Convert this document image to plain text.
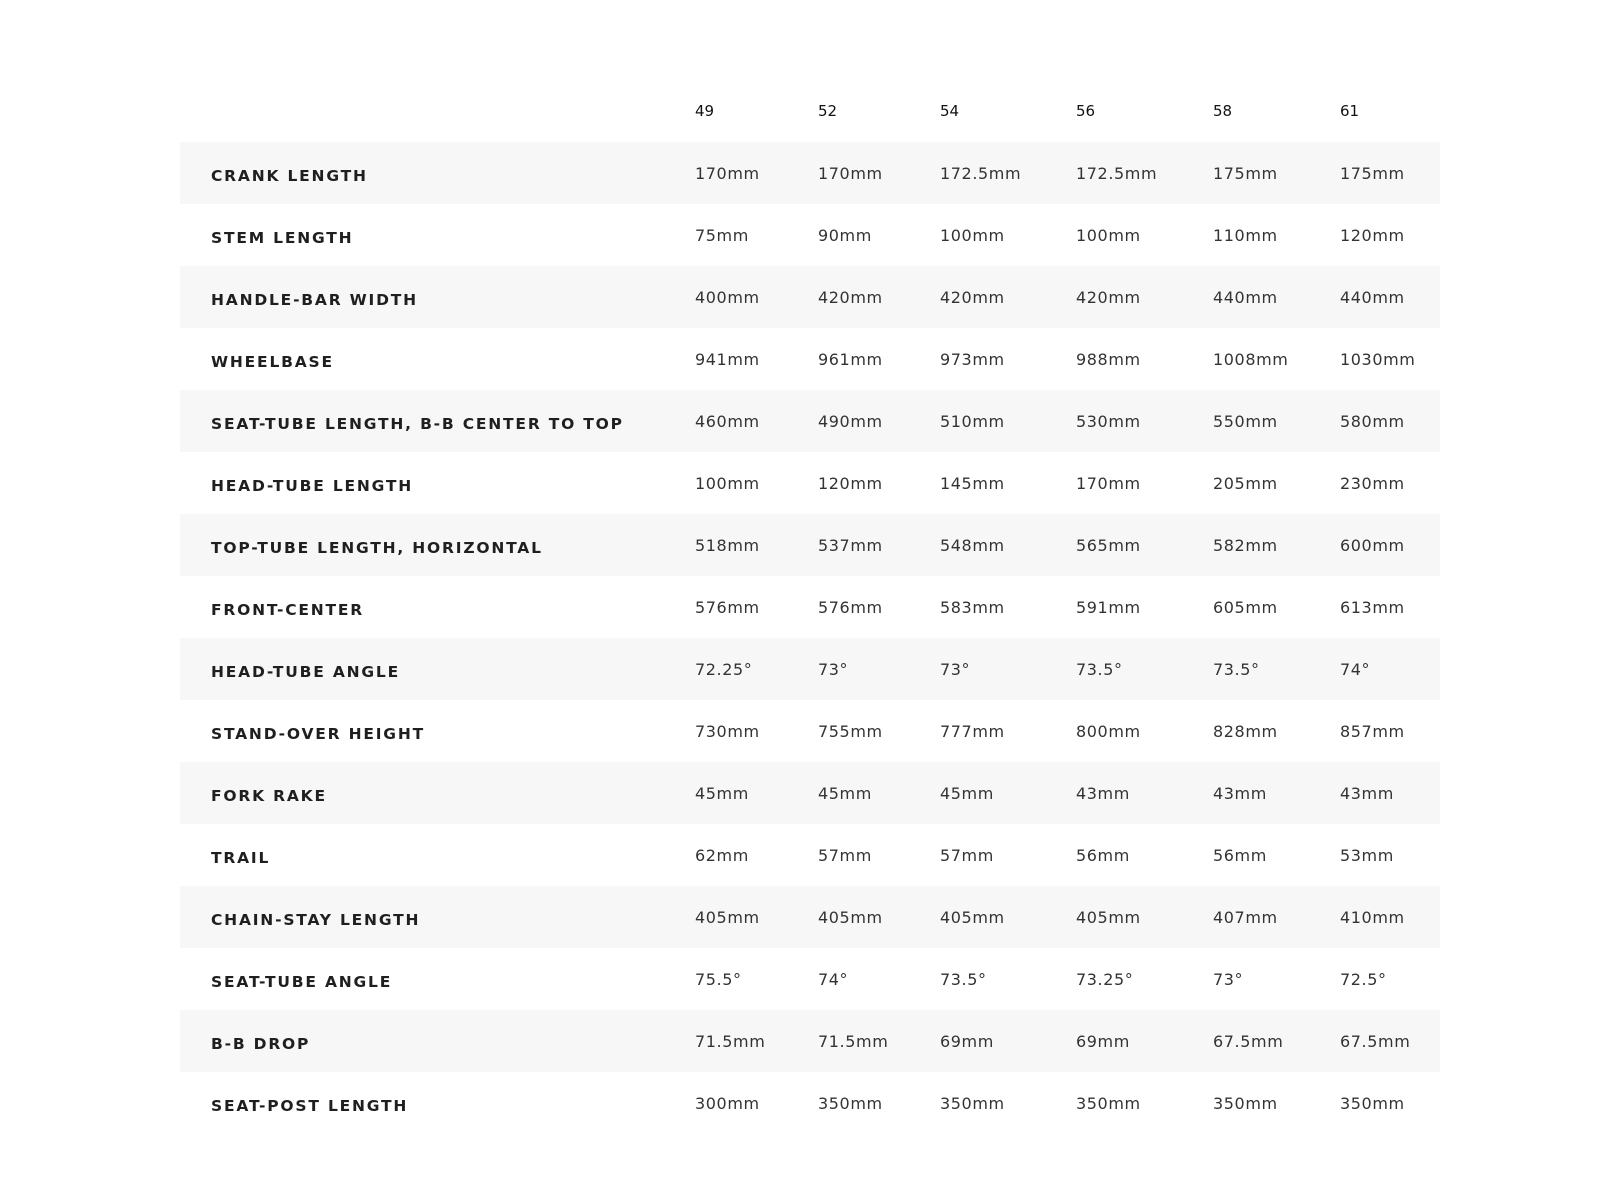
49	52	54	56	58	61
CRANK LENGTH	170mm	170mm	172.5mm	172.5mm	175mm	175mm
STEM LENGTH	75mm	90mm	100mm	100mm	110mm	120mm
HANDLE-BAR WIDTH	400mm	420mm	420mm	420mm	440mm	440mm
WHEELBASE	941mm	961mm	973mm	988mm	1008mm	1030mm
SEAT-TUBE LENGTH, B-B CENTER TO TOP	460mm	490mm	510mm	530mm	550mm	580mm
HEAD-TUBE LENGTH	100mm	120mm	145mm	170mm	205mm	230mm
TOP-TUBE LENGTH, HORIZONTAL	518mm	537mm	548mm	565mm	582mm	600mm
FRONT-CENTER	576mm	576mm	583mm	591mm	605mm	613mm
HEAD-TUBE ANGLE	72.25°	73°	73°	73.5°	73.5°	74°
STAND-OVER HEIGHT	730mm	755mm	777mm	800mm	828mm	857mm
FORK RAKE	45mm	45mm	45mm	43mm	43mm	43mm
TRAIL	62mm	57mm	57mm	56mm	56mm	53mm
CHAIN-STAY LENGTH	405mm	405mm	405mm	405mm	407mm	410mm
SEAT-TUBE ANGLE	75.5°	74°	73.5°	73.25°	73°	72.5°
B-B DROP	71.5mm	71.5mm	69mm	69mm	67.5mm	67.5mm
SEAT-POST LENGTH	300mm	350mm	350mm	350mm	350mm	350mm
